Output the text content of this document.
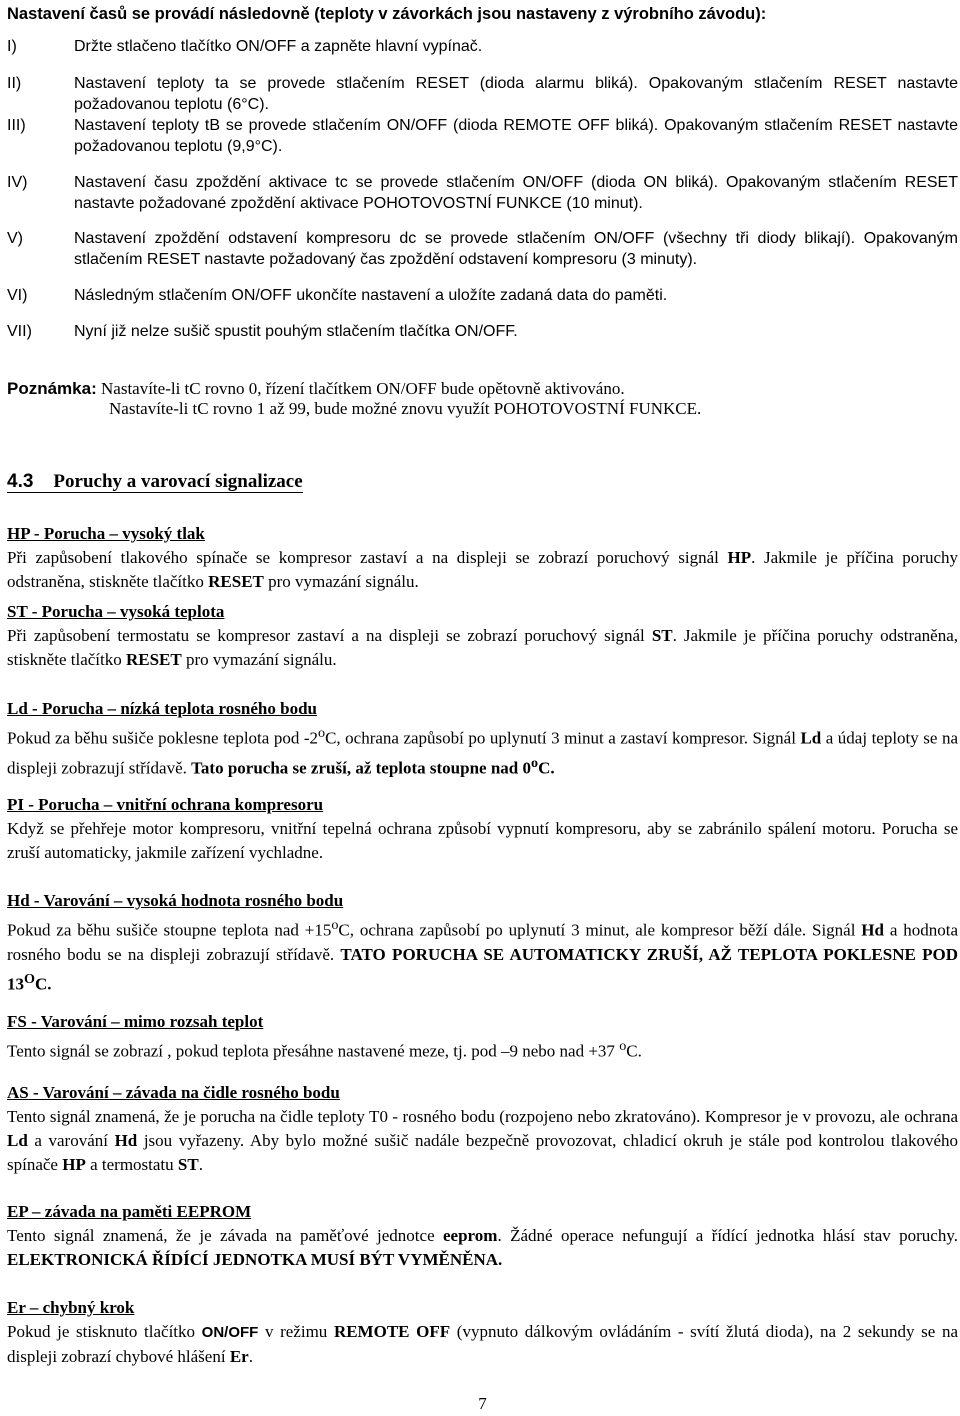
Nastavení časů se provádí následovně (teploty v závorkách jsou nastaveny z výrobního závodu):
I)	Držte stlačeno tlačítko ON/OFF a zapněte hlavní vypínač.
II)	Nastavení teploty ta se provede stlačením RESET (dioda alarmu bliká). Opakovaným stlačením RESET nastavte požadovanou teplotu (6°C).
III)	Nastavení teploty tB se provede stlačením ON/OFF (dioda REMOTE OFF bliká). Opakovaným stlačením RESET nastavte požadovanou teplotu (9,9°C).
IV)	Nastavení času zpoždění aktivace tc se provede stlačením ON/OFF (dioda ON bliká). Opakovaným stlačením RESET nastavte požadované zpoždění aktivace POHOTOVOSTNÍ FUNKCE (10 minut).
V)	Nastavení zpoždění odstavení kompresoru dc se provede stlačením ON/OFF (všechny tři diody blikají). Opakovaným stlačením RESET nastavte požadovaný čas zpoždění odstavení kompresoru (3 minuty).
VI)	Následným stlačením ON/OFF ukončíte nastavení a uložíte zadaná data do paměti.
VII)	Nyní již nelze sušič spustit pouhým stlačením tlačítka ON/OFF.
Poznámka: Nastavíte-li tC rovno 0, řízení tlačítkem ON/OFF bude opětovně aktivováno.
Nastavíte-li tC rovno 1 až 99, bude možné znovu využít POHOTOVOSTNÍ FUNKCE.
4.3 Poruchy a varovací signalizace
HP - Porucha – vysoký tlak

Při zapůsobení tlakového spínače se kompresor zastaví a na displeji se zobrazí poruchový signál HP. Jakmile je příčina poruchy odstraněna, stiskněte tlačítko RESET pro vymazání signálu.

ST - Porucha – vysoká teplota

Při zapůsobení termostatu se kompresor zastaví a na displeji se zobrazí poruchový signál ST. Jakmile je příčina poruchy odstraněna, stiskněte tlačítko RESET pro vymazání signálu.

Ld - Porucha – nízká teplota rosného bodu

Pokud za běhu sušiče poklesne teplota pod -2$^o$C, ochrana zapůsobí po uplynutí 3 minut a zastaví kompresor. Signál Ld a údaj teploty se na displeji zobrazují střídavě. Tato porucha se zruší, až teplota stoupne nad 0$^o$C.

PI - Porucha – vnitřní ochrana kompresoru

Když se přehřeje motor kompresoru, vnitřní tepelná ochrana způsobí vypnutí kompresoru, aby se zabránilo spálení motoru. Porucha se zruší automaticky, jakmile zařízení vychladne.

Hd - Varování – vysoká hodnota rosného bodu

Pokud za běhu sušiče stoupne teplota nad $+15^oC$, ochrana zapůsobí po uplynutí 3 minut, ale kompresor běží dále. Signál Hd a hodnota rosného bodu se na displeji zobrazují střídavě. TATO PORUCHA SE AUTOMATICKY ZRUŠÍ, AŽ TEPLOTA POKLESNE POD $13^OC$.

FS - Varování – mimo rozsah teplot

Tento signál se zobrazí , pokud teplota přesáhne nastavené meze, tj. pod –9 nebo nad +37 $^o$C.

AS - Varování – závada na čidle rosného bodu

Tento signál znamená, že je porucha na čidle teploty T0 - rosného bodu (rozpojeno nebo zkratováno). Kompresor je v provozu, ale ochrana Ld a varování Hd jsou vyřazeny. Aby bylo možné sušič nadále bezpečně provozovat, chladicí okruh je stále pod kontrolou tlakového spínače HP a termostatu ST.

EP – závada na paměti EEPROM

Tento signál znamená, že je závada na paměťové jednotce eeprom. Žádné operace nefungují a řídící jednotka hlásí stav poruchy. ELEKTRONICKÁ ŘÍDÍCÍ JEDNOTKA MUSÍ BÝT VYMĚNĚNA.

Er – chybný krok

Pokud je stisknuto tlačítko ON/OFF v režimu REMOTE OFF (vypnuto dálkovým ovládáním - svítí žlutá dioda), na 2 sekundy se na displeji zobrazí chybové hlášení Er.

7
